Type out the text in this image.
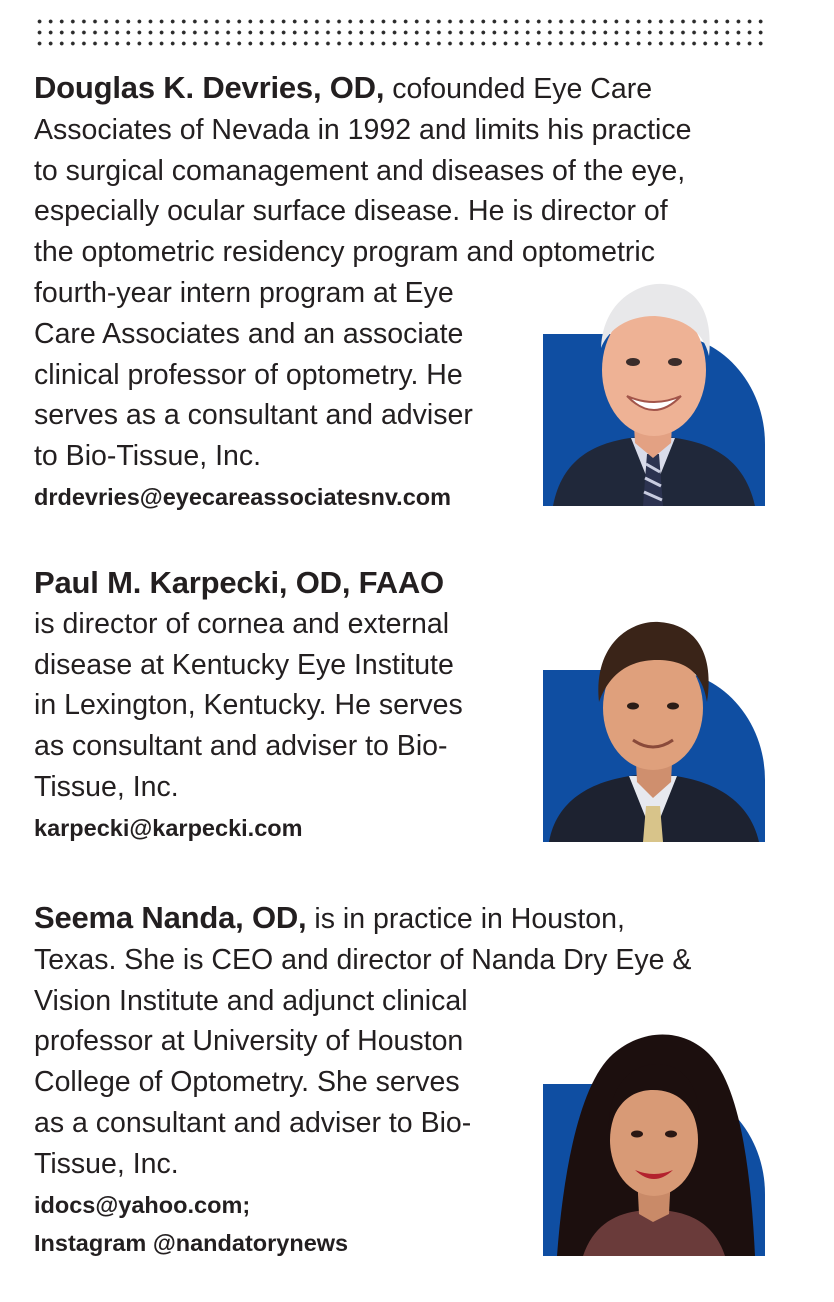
Douglas K. Devries, OD, cofounded Eye Care
Associates of Nevada in 1992 and limits his practice
to surgical comanagement and diseases of the eye,
especially ocular surface disease. He is director of
the optometric residency program and optometric
fourth-year intern program at Eye
Care Associates and an associate
clinical professor of optometry. He
serves as a consultant and adviser
to Bio-Tissue, Inc.
drdevries@eyecareassociatesnv.com
Paul M. Karpecki, OD, FAAO
is director of cornea and external
disease at Kentucky Eye Institute
in Lexington, Kentucky. He serves
as consultant and adviser to Bio-
Tissue, Inc.
karpecki@karpecki.com
Seema Nanda, OD, is in practice in Houston,
Texas. She is CEO and director of Nanda Dry Eye &
Vision Institute and adjunct clinical
professor at University of Houston
College of Optometry. She serves
as a consultant and adviser to Bio-
Tissue, Inc.
idocs@yahoo.com;
Instagram @nandatorynews
